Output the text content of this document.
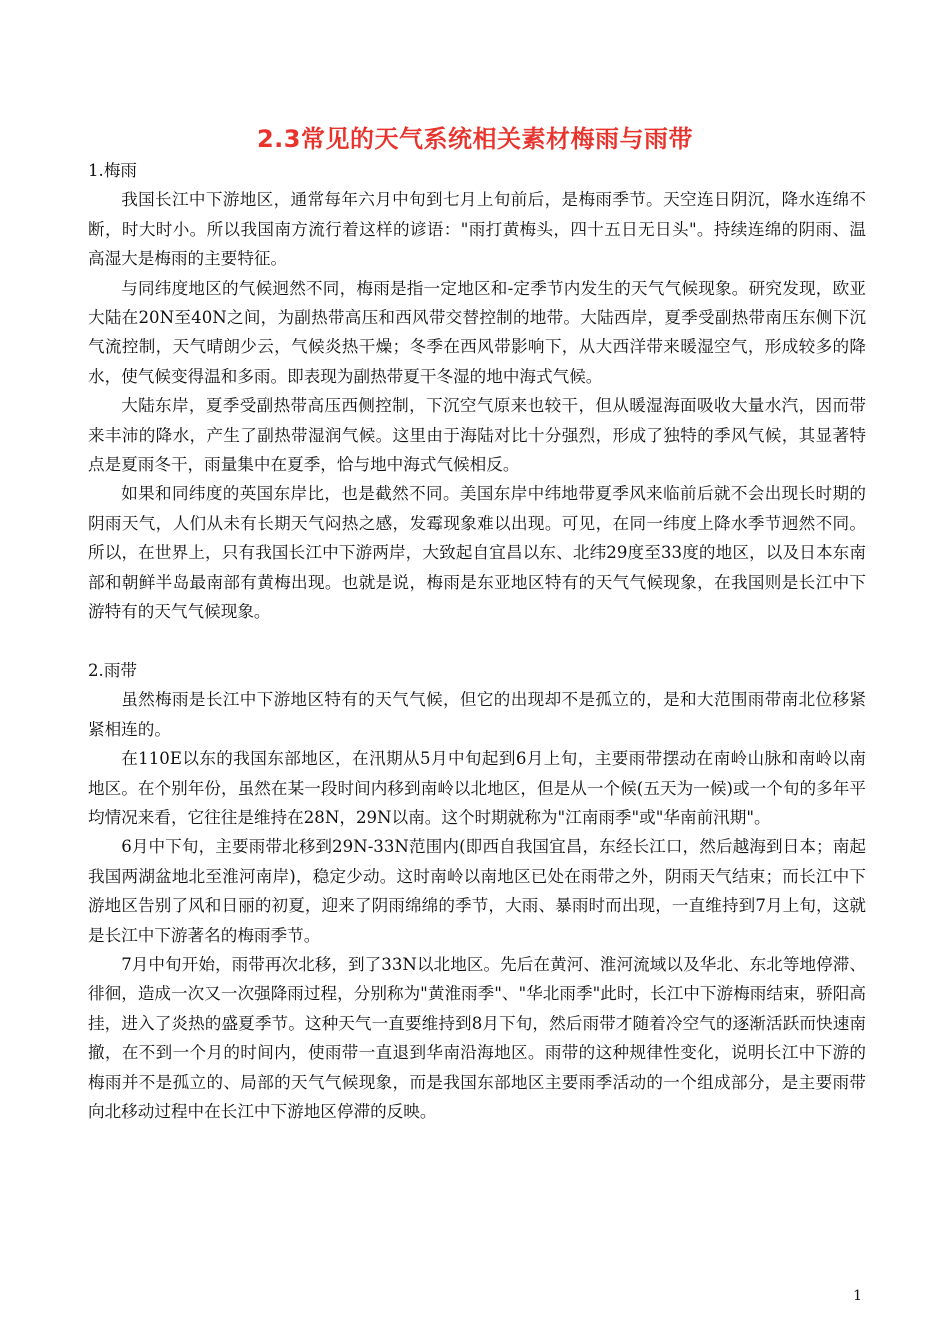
2.3常见的天气系统相关素材梅雨与雨带

1.梅雨

我国长江中下游地区，通常每年六月中旬到七月上旬前后，是梅雨季节。天空连日阴沉，降水连绵不断，时大时小。所以我国南方流行着这样的谚语："雨打黄梅头，四十五日无日头"。持续连绵的阴雨、温高湿大是梅雨的主要特征。

与同纬度地区的气候迥然不同，梅雨是指一定地区和-定季节内发生的天气气候现象。研究发现，欧亚大陆在20N至40N之间，为副热带高压和西风带交替控制的地带。大陆西岸，夏季受副热带南压东侧下沉气流控制，天气晴朗少云，气候炎热干燥；冬季在西风带影响下，从大西洋带来暖湿空气，形成较多的降水，使气候变得温和多雨。即表现为副热带夏干冬湿的地中海式气候。

大陆东岸，夏季受副热带高压西侧控制，下沉空气原来也较干，但从暖湿海面吸收大量水汽，因而带来丰沛的降水，产生了副热带湿润气候。这里由于海陆对比十分强烈，形成了独特的季风气候，其显著特点是夏雨冬干，雨量集中在夏季，恰与地中海式气候相反。

如果和同纬度的英国东岸比，也是截然不同。美国东岸中纬地带夏季风来临前后就不会出现长时期的阴雨天气，人们从未有长期天气闷热之感，发霉现象难以出现。可见，在同一纬度上降水季节迥然不同。所以，在世界上，只有我国长江中下游两岸，大致起自宜昌以东、北纬29度至33度的地区，以及日本东南部和朝鲜半岛最南部有黄梅出现。也就是说，梅雨是东亚地区特有的天气气候现象，在我国则是长江中下游特有的天气气候现象。

2.雨带

虽然梅雨是长江中下游地区特有的天气气候，但它的出现却不是孤立的，是和大范围雨带南北位移紧紧相连的。

在110E以东的我国东部地区，在汛期从5月中旬起到6月上旬，主要雨带摆动在南岭山脉和南岭以南地区。在个别年份，虽然在某一段时间内移到南岭以北地区，但是从一个候(五天为一候)或一个旬的多年平均情况来看，它往往是维持在28N，29N以南。这个时期就称为"江南雨季"或"华南前汛期"。

6月中下旬，主要雨带北移到29N-33N范围内(即西自我国宜昌，东经长江口，然后越海到日本；南起我国两湖盆地北至淮河南岸)，稳定少动。这时南岭以南地区已处在雨带之外，阴雨天气结束；而长江中下游地区告别了风和日丽的初夏，迎来了阴雨绵绵的季节，大雨、暴雨时而出现，一直维持到7月上旬，这就是长江中下游著名的梅雨季节。

7月中旬开始，雨带再次北移，到了33N以北地区。先后在黄河、淮河流域以及华北、东北等地停滞、徘徊，造成一次又一次强降雨过程，分别称为"黄淮雨季"、"华北雨季"此时，长江中下游梅雨结束，骄阳高挂，进入了炎热的盛夏季节。这种天气一直要维持到8月下旬，然后雨带才随着冷空气的逐渐活跃而快速南撤，在不到一个月的时间内，使雨带一直退到华南沿海地区。雨带的这种规律性变化，说明长江中下游的梅雨并不是孤立的、局部的天气气候现象，而是我国东部地区主要雨季活动的一个组成部分，是主要雨带向北移动过程中在长江中下游地区停滞的反映。

1
